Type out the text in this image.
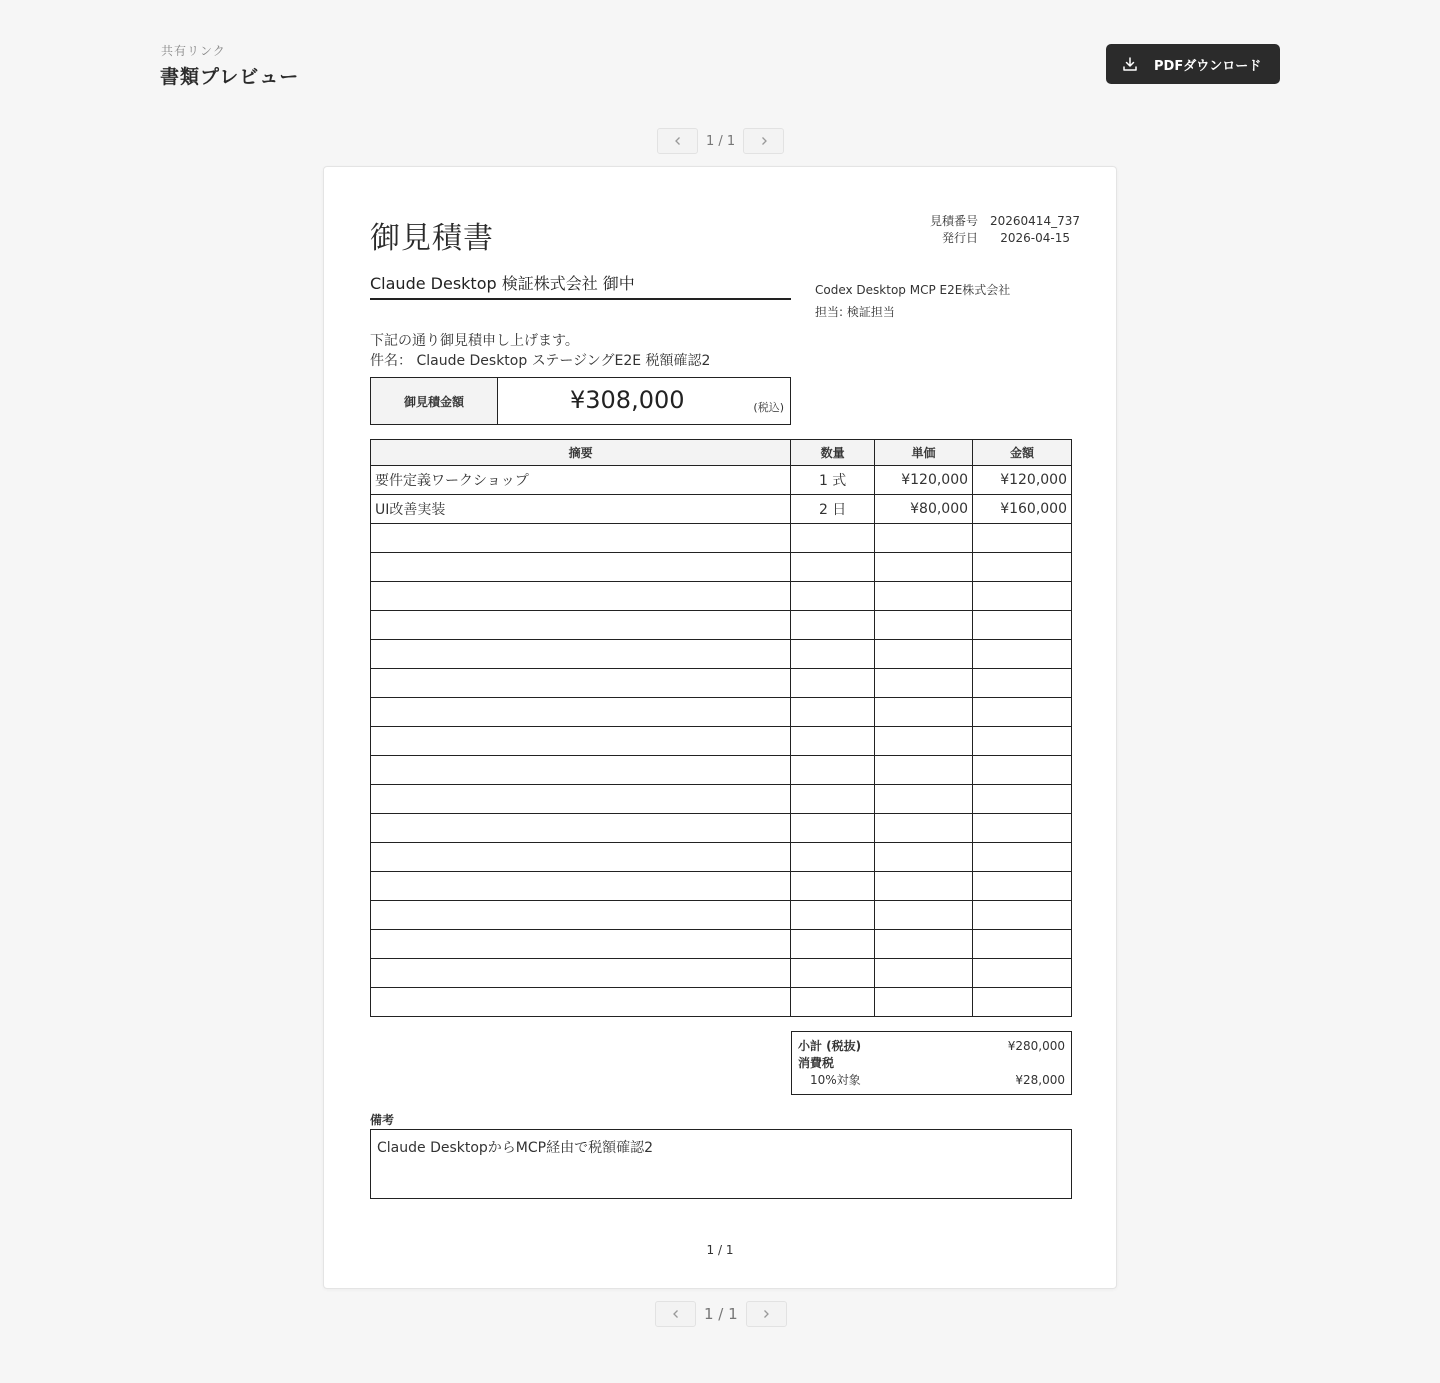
共有リンク
書類プレビュー	PDFダウンロード
1 / 1
御見積書	見積番号 20260414_737
発行日	2026-04-15
Claude Desktop 検証株式会社 御中	Codex Desktop MCP E2E株式会社
担当: 検証担当
下記の通り御見積申し上げます。
件名： Claude Desktop ステージングE2E 税額確認2
御見積金額	¥308,000	(税込)
摘要	数量	単価	金額
要件定義ワークショップ	1 式	¥120,000	¥120,000
UI改善実装	2 日	¥80,000	¥160,000

小計 (税抜)	¥280,000
消費税
10%対象	¥28,000
備考
Claude DesktopからMCP経由で税額確認2
1 / 1
1 / 1
